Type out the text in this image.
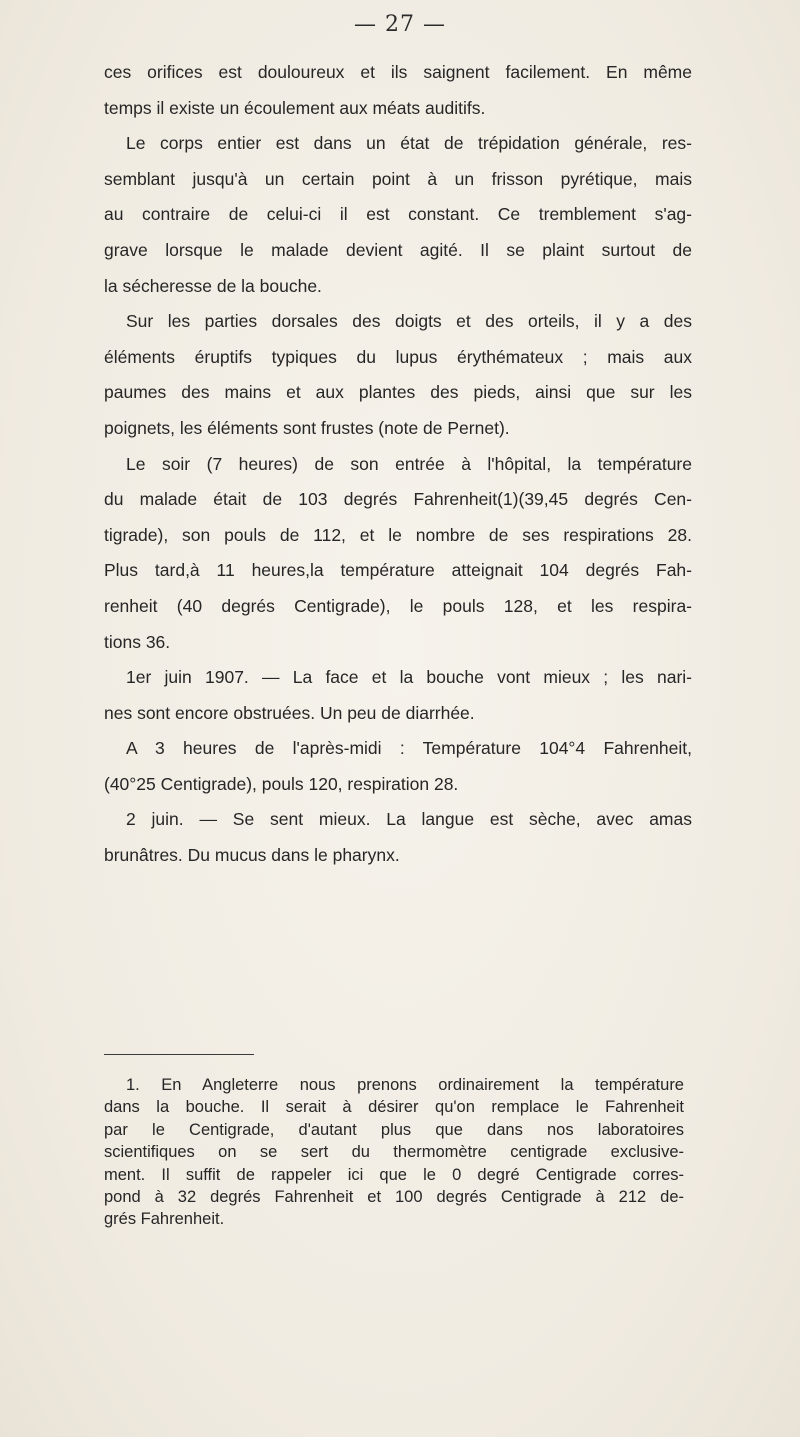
— 27 —
ces orifices est douloureux et ils saignent facilement. En même
temps il existe un écoulement aux méats auditifs.
Le corps entier est dans un état de trépidation générale, res-
semblant jusqu'à un certain point à un frisson pyrétique, mais
au contraire de celui-ci il est constant. Ce tremblement s'ag-
grave lorsque le malade devient agité. Il se plaint surtout de
la sécheresse de la bouche.
Sur les parties dorsales des doigts et des orteils, il y a des
éléments éruptifs typiques du lupus érythémateux ; mais aux
paumes des mains et aux plantes des pieds, ainsi que sur les
poignets, les éléments sont frustes (note de Pernet).
Le soir (7 heures) de son entrée à l'hôpital, la température
du malade était de 103 degrés Fahrenheit(1)(39,45 degrés Cen-
tigrade), son pouls de 112, et le nombre de ses respirations 28.
Plus tard,à 11 heures,la température atteignait 104 degrés Fah-
renheit (40 degrés Centigrade), le pouls 128, et les respira-
tions 36.
1er juin 1907. — La face et la bouche vont mieux ; les nari-
nes sont encore obstruées. Un peu de diarrhée.
A 3 heures de l'après-midi : Température 104°4 Fahrenheit,
(40°25 Centigrade), pouls 120, respiration 28.
2 juin. — Se sent mieux. La langue est sèche, avec amas
brunâtres. Du mucus dans le pharynx.
1. En Angleterre nous prenons ordinairement la température
dans la bouche. Il serait à désirer qu'on remplace le Fahrenheit
par le Centigrade, d'autant plus que dans nos laboratoires
scientifiques on se sert du thermomètre centigrade exclusive-
ment. Il suffit de rappeler ici que le 0 degré Centigrade corres-
pond à 32 degrés Fahrenheit et 100 degrés Centigrade à 212 de-
grés Fahrenheit.
